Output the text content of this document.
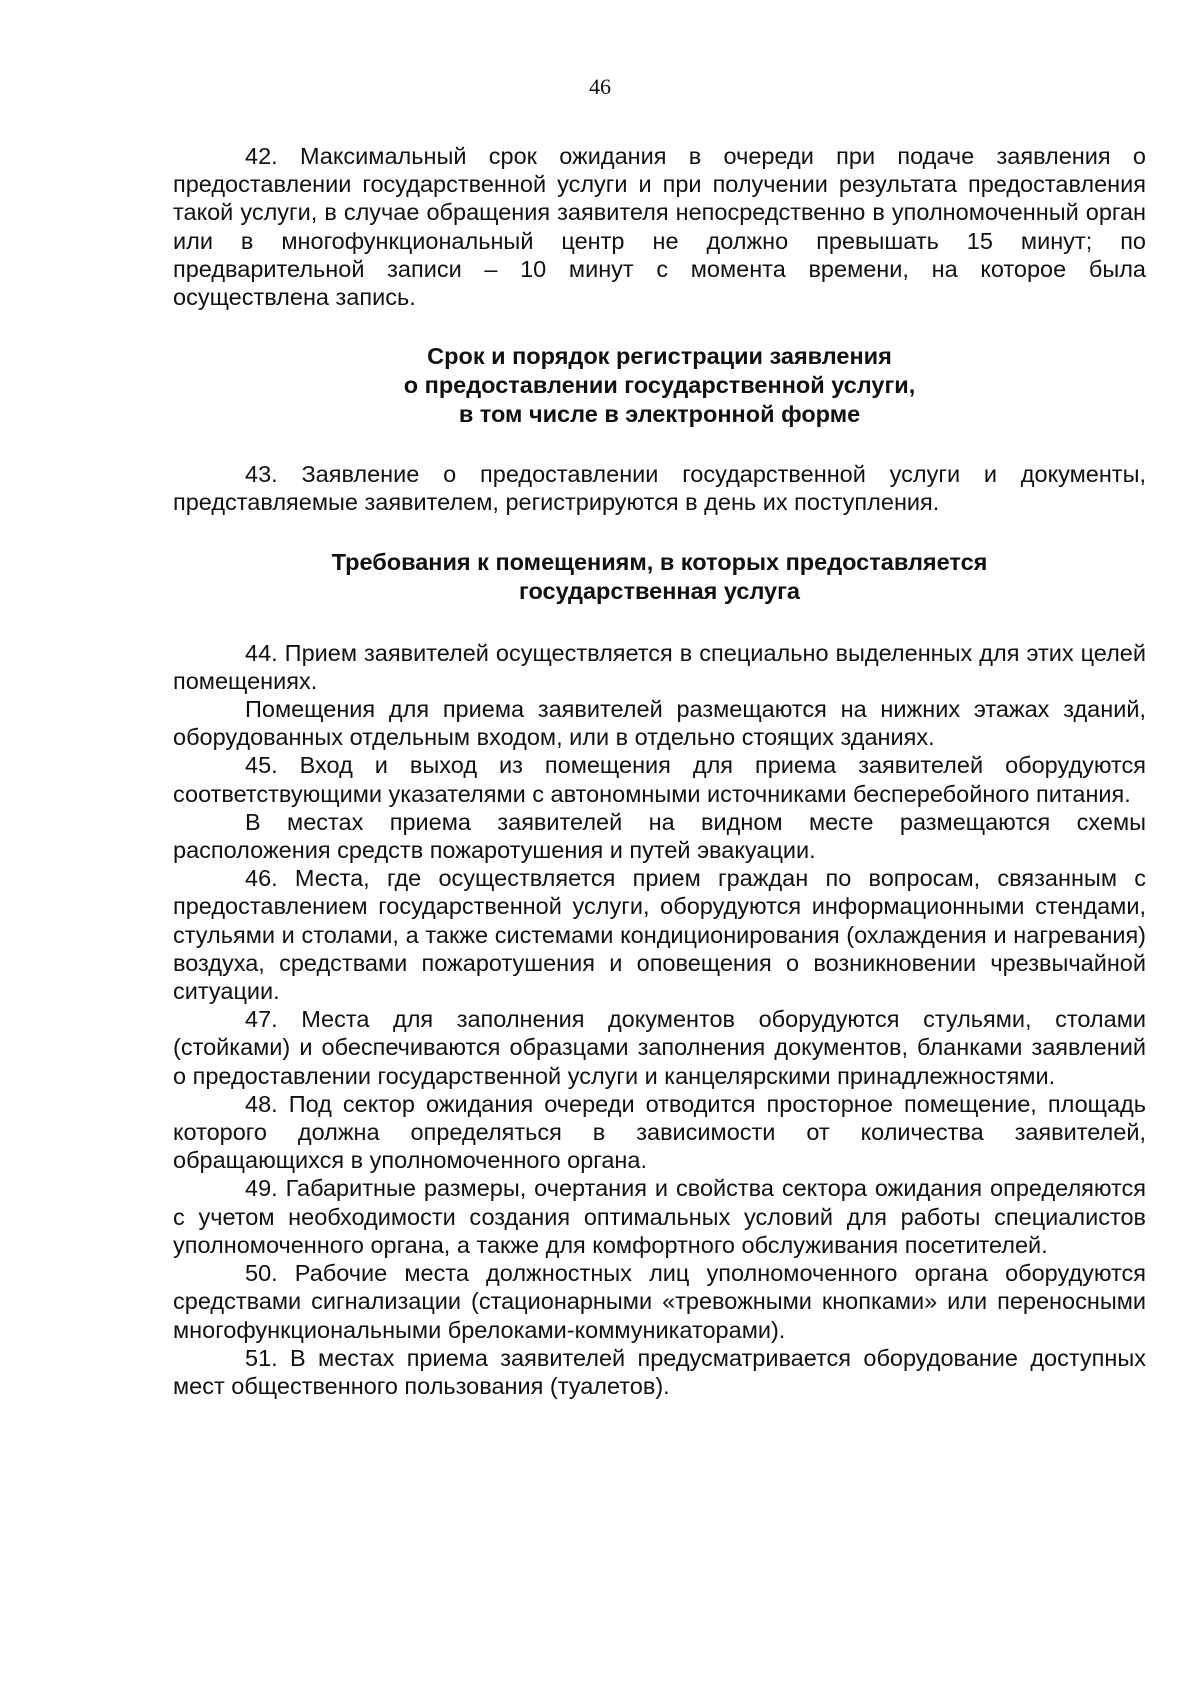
46

42. Максимальный срок ожидания в очереди при подаче заявления о предоставлении государственной услуги и при получении результата предоставления такой услуги, в случае обращения заявителя непосредственно в уполномоченный орган или в многофункциональный центр не должно превышать 15 минут; по предварительной записи – 10 минут с момента времени, на которое была осуществлена запись.

Срок и порядок регистрации заявления
о предоставлении государственной услуги,
в том числе в электронной форме

43. Заявление о предоставлении государственной услуги и документы, представляемые заявителем, регистрируются в день их поступления.

Требования к помещениям, в которых предоставляется
государственная услуга

44. Прием заявителей осуществляется в специально выделенных для этих целей помещениях.

Помещения для приема заявителей размещаются на нижних этажах зданий, оборудованных отдельным входом, или в отдельно стоящих зданиях.

45. Вход и выход из помещения для приема заявителей оборудуются соответствующими указателями с автономными источниками бесперебойного питания.

В местах приема заявителей на видном месте размещаются схемы расположения средств пожаротушения и путей эвакуации.

46. Места, где осуществляется прием граждан по вопросам, связанным с предоставлением государственной услуги, оборудуются информационными стендами, стульями и столами, а также системами кондиционирования (охлаждения и нагревания) воздуха, средствами пожаротушения и оповещения о возникновении чрезвычайной ситуации.

47. Места для заполнения документов оборудуются стульями, столами (стойками) и обеспечиваются образцами заполнения документов, бланками заявлений о предоставлении государственной услуги и канцелярскими принадлежностями.

48. Под сектор ожидания очереди отводится просторное помещение, площадь которого должна определяться в зависимости от количества заявителей, обращающихся в уполномоченного органа.

49. Габаритные размеры, очертания и свойства сектора ожидания определяются с учетом необходимости создания оптимальных условий для работы специалистов уполномоченного органа, а также для комфортного обслуживания посетителей.

50. Рабочие места должностных лиц уполномоченного органа оборудуются средствами сигнализации (стационарными «тревожными кнопками» или переносными многофункциональными брелоками-коммуникаторами).

51. В местах приема заявителей предусматривается оборудование доступных мест общественного пользования (туалетов).
